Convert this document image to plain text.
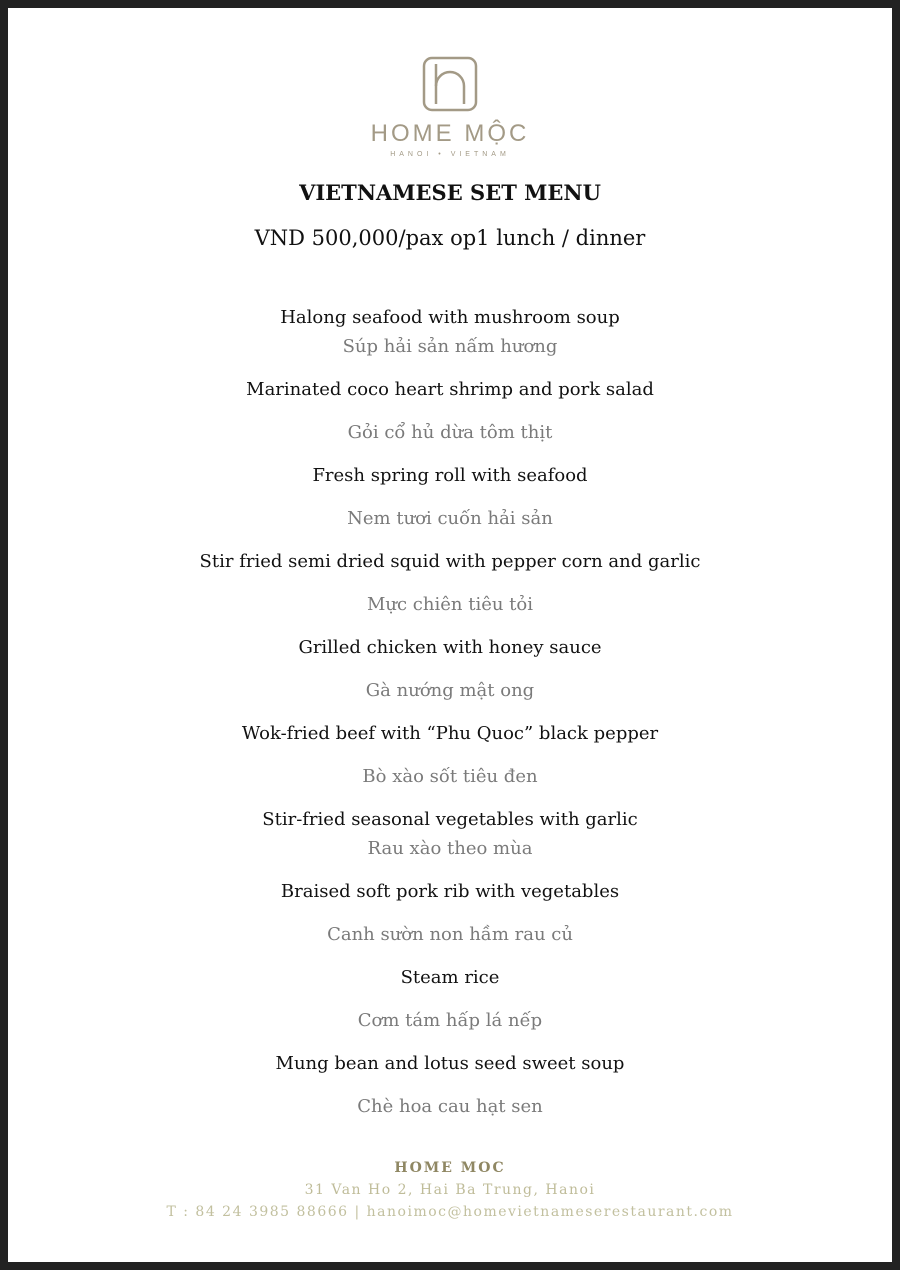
HOME MỘC
HANOI • VIETNAM
VIETNAMESE SET MENU
VND 500,000/pax op1 lunch / dinner
Halong seafood with mushroom soup
Súp hải sản nấm hương
Marinated coco heart shrimp and pork salad
Gỏi cổ hủ dừa tôm thịt
Fresh spring roll with seafood
Nem tươi cuốn hải sản
Stir fried semi dried squid with pepper corn and garlic
Mực chiên tiêu tỏi
Grilled chicken with honey sauce
Gà nướng mật ong
Wok-fried beef with “Phu Quoc” black pepper
Bò xào sốt tiêu đen
Stir-fried seasonal vegetables with garlic
Rau xào theo mùa
Braised soft pork rib with vegetables
Canh sườn non hầm rau củ
Steam rice
Cơm tám hấp lá nếp
Mung bean and lotus seed sweet soup
Chè hoa cau hạt sen
HOME MOC
31 Van Ho 2, Hai Ba Trung, Hanoi
T : 84 24 3985 88666 | hanoimoc@homevietnameserestaurant.com
